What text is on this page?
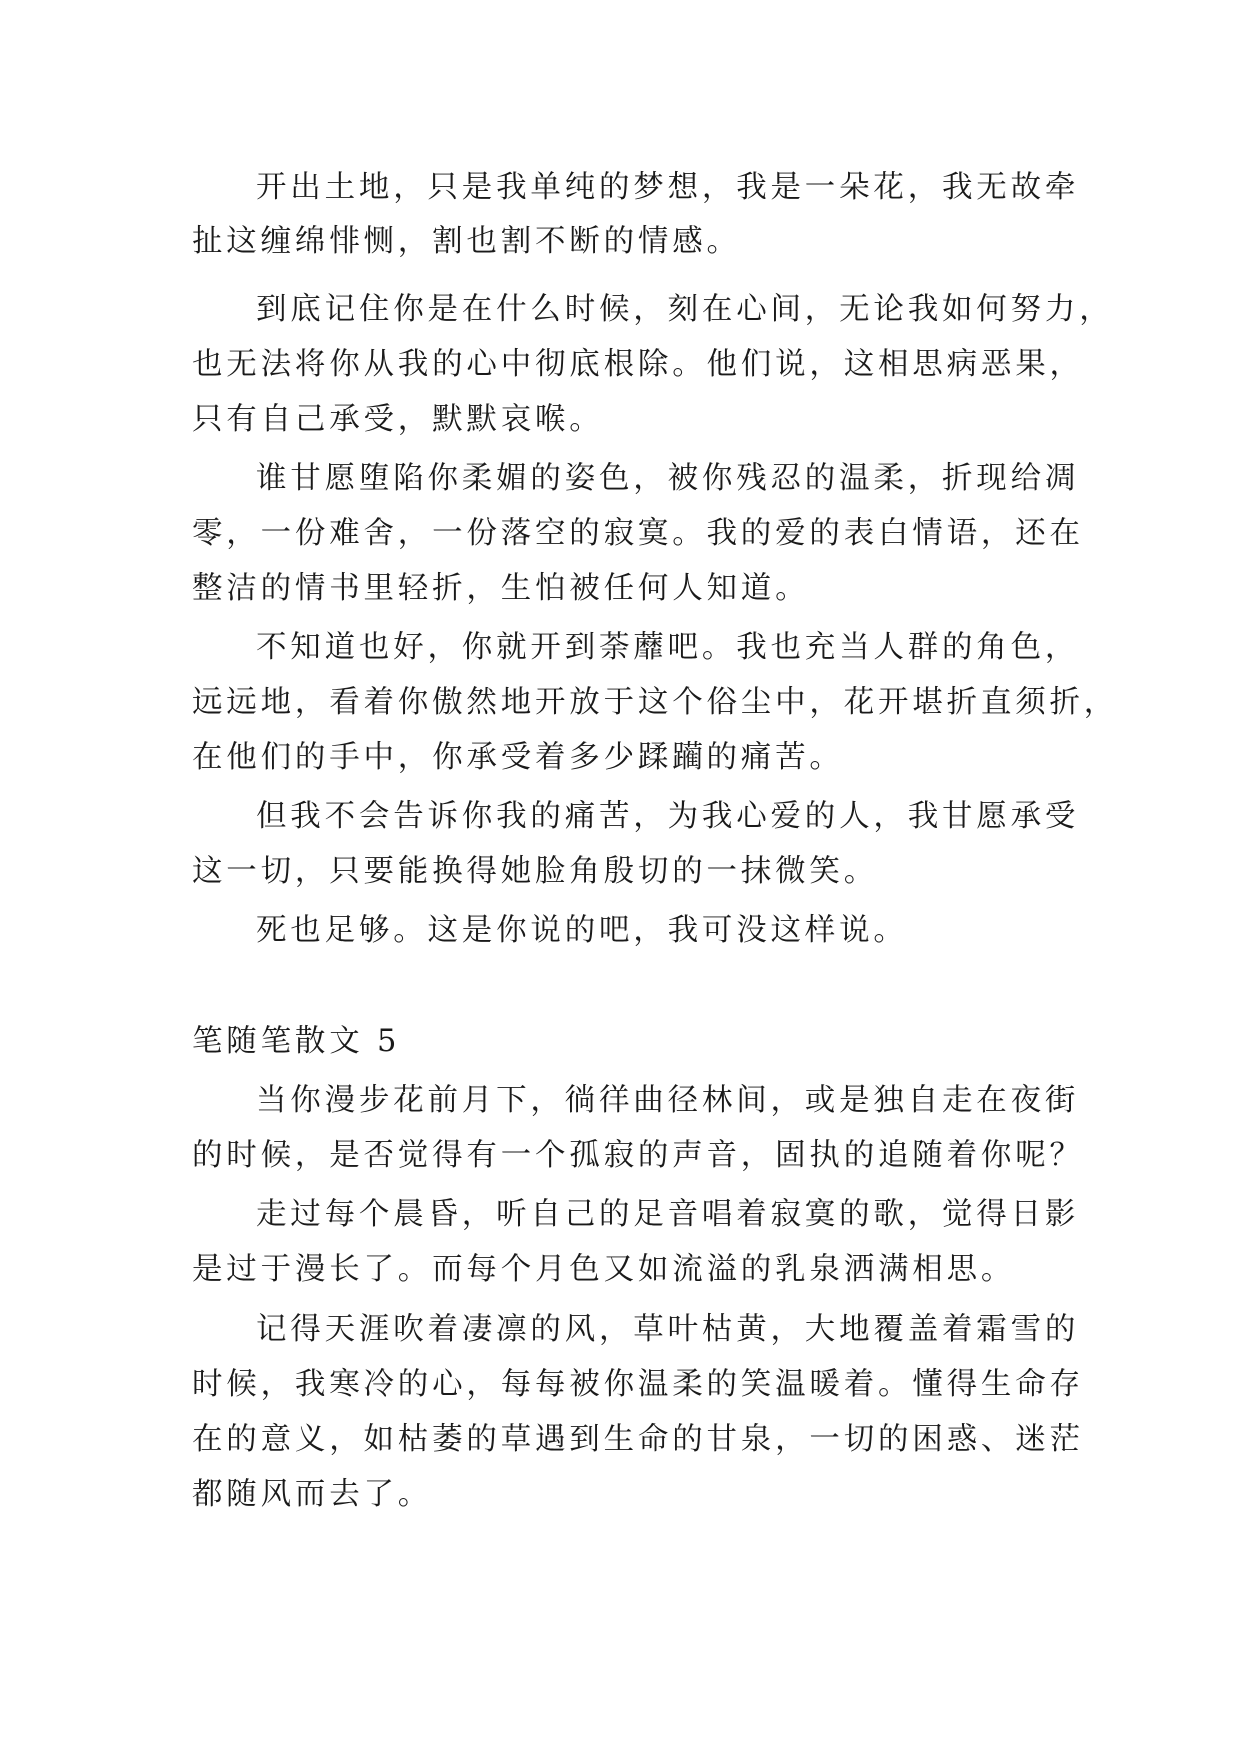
开出土地，只是我单纯的梦想，我是一朵花，我无故牵
扯这缠绵悱恻，割也割不断的情感。
到底记住你是在什么时候，刻在心间，无论我如何努力，
也无法将你从我的心中彻底根除。他们说，这相思病恶果，
只有自己承受，默默哀喉。
谁甘愿堕陷你柔媚的姿色，被你残忍的温柔，折现给凋
零，一份难舍，一份落空的寂寞。我的爱的表白情语，还在
整洁的情书里轻折，生怕被任何人知道。
不知道也好，你就开到荼蘼吧。我也充当人群的角色，
远远地，看着你傲然地开放于这个俗尘中，花开堪折直须折，
在他们的手中，你承受着多少蹂躏的痛苦。
但我不会告诉你我的痛苦，为我心爱的人，我甘愿承受
这一切，只要能换得她脸角殷切的一抹微笑。
死也足够。这是你说的吧，我可没这样说。
笔随笔散文 5
当你漫步花前月下，徜徉曲径林间，或是独自走在夜街
的时候，是否觉得有一个孤寂的声音，固执的追随着你呢？
走过每个晨昏，听自己的足音唱着寂寞的歌，觉得日影
是过于漫长了。而每个月色又如流溢的乳泉洒满相思。
记得天涯吹着凄凛的风，草叶枯黄，大地覆盖着霜雪的
时候，我寒冷的心，每每被你温柔的笑温暖着。懂得生命存
在的意义，如枯萎的草遇到生命的甘泉，一切的困惑、迷茫
都随风而去了。
